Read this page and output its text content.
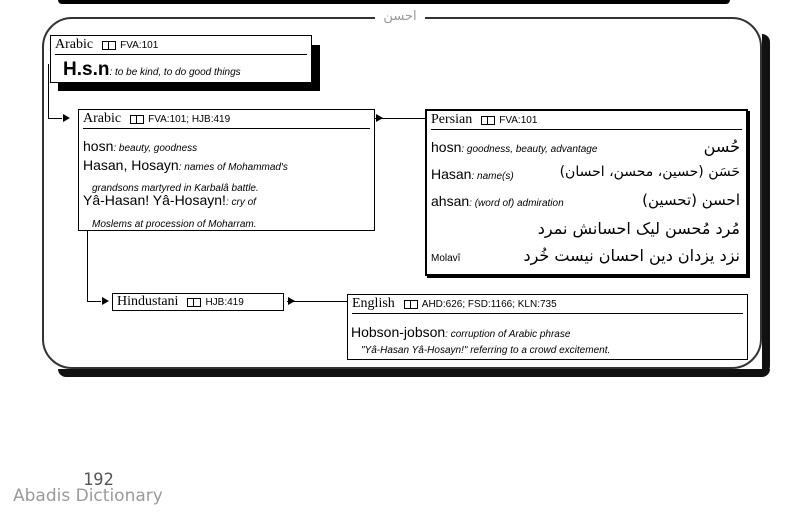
احسن
Arabic	FVA:101
H.s.n: to be kind, to do good things
Arabic	FVA:101; HJB:419
hosn: beauty, goodness
Hasan, Hosayn: names of Mohammad's
grandsons martyred in Karbalâ battle.
Yâ-Hasan! Yâ-Hosayn!: cry of
Moslems at procession of Moharram.
Persian	FVA:101
hosn: goodness, beauty, advantage	حُسن
Hasan: name(s)	حَسَن (حسین، محسن، احسان)
ahsan: (word of) admiration	احسن (تحسین)
مُرد مُحسن لیک احسانش نمرد
نزد یزدان دین احسان نیست خُرد
Molavî
Hindustani	HJB:419	English	AHD:626; FSD:1166; KLN:735
Hobson-jobson: corruption of Arabic phrase
"Yâ-Hasan Yâ-Hosayn!" referring to a crowd excitement.
192
Abadis Dictionary
